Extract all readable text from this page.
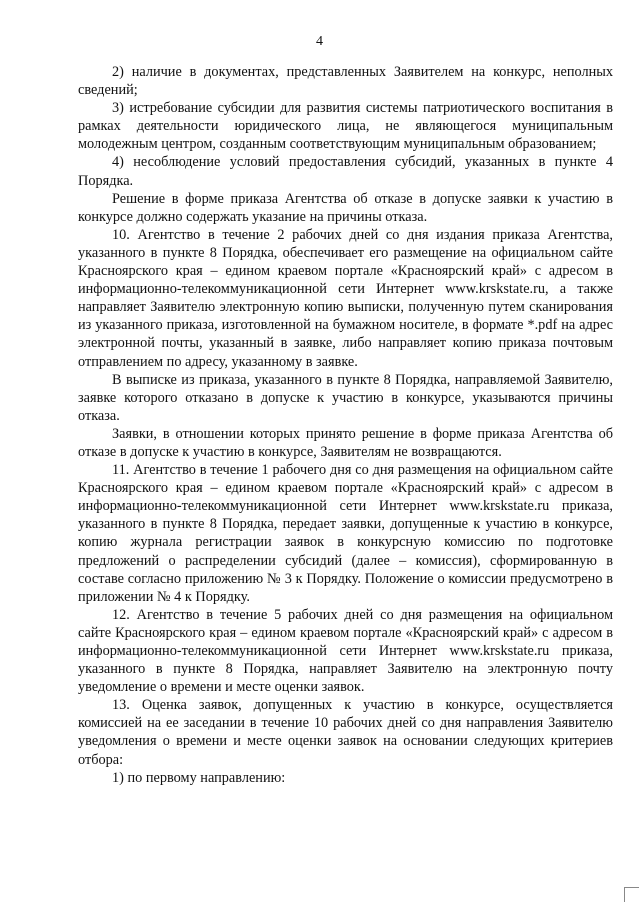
4

2) наличие в документах, представленных Заявителем на конкурс, неполных сведений;

3) истребование субсидии для развития системы патриотического воспитания в рамках деятельности юридического лица, не являющегося муниципальным молодежным центром, созданным соответствующим муниципальным образованием;

4) несоблюдение условий предоставления субсидий, указанных в пункте 4 Порядка.

Решение в форме приказа Агентства об отказе в допуске заявки к участию в конкурсе должно содержать указание на причины отказа.

10. Агентство в течение 2 рабочих дней со дня издания приказа Агентства, указанного в пункте 8 Порядка, обеспечивает его размещение на официальном сайте Красноярского края – едином краевом портале «Красноярский край» с адресом в информационно-телекоммуникационной сети Интернет www.krskstate.ru, а также направляет Заявителю электронную копию выписки, полученную путем сканирования из указанного приказа, изготовленной на бумажном носителе, в формате *.pdf на адрес электронной почты, указанный в заявке, либо направляет копию приказа почтовым отправлением по адресу, указанному в заявке.

В выписке из приказа, указанного в пункте 8 Порядка, направляемой Заявителю, заявке которого отказано в допуске к участию в конкурсе, указываются причины отказа.

Заявки, в отношении которых принято решение в форме приказа Агентства об отказе в допуске к участию в конкурсе, Заявителям не возвращаются.

11. Агентство в течение 1 рабочего дня со дня размещения на официальном сайте Красноярского края – едином краевом портале «Красноярский край» с адресом в информационно-телекоммуникационной сети Интернет www.krskstate.ru приказа, указанного в пункте 8 Порядка, передает заявки, допущенные к участию в конкурсе, копию журнала регистрации заявок в конкурсную комиссию по подготовке предложений о распределении субсидий (далее – комиссия), сформированную в составе согласно приложению № 3 к Порядку. Положение о комиссии предусмотрено в приложении № 4 к Порядку.

12. Агентство в течение 5 рабочих дней со дня размещения на официальном сайте Красноярского края – едином краевом портале «Красноярский край» с адресом в информационно-телекоммуникационной сети Интернет www.krskstate.ru приказа, указанного в пункте 8 Порядка, направляет Заявителю на электронную почту уведомление о времени и месте оценки заявок.

13. Оценка заявок, допущенных к участию в конкурсе, осуществляется комиссией на ее заседании в течение 10 рабочих дней со дня направления Заявителю уведомления о времени и месте оценки заявок на основании следующих критериев отбора:

1) по первому направлению:
